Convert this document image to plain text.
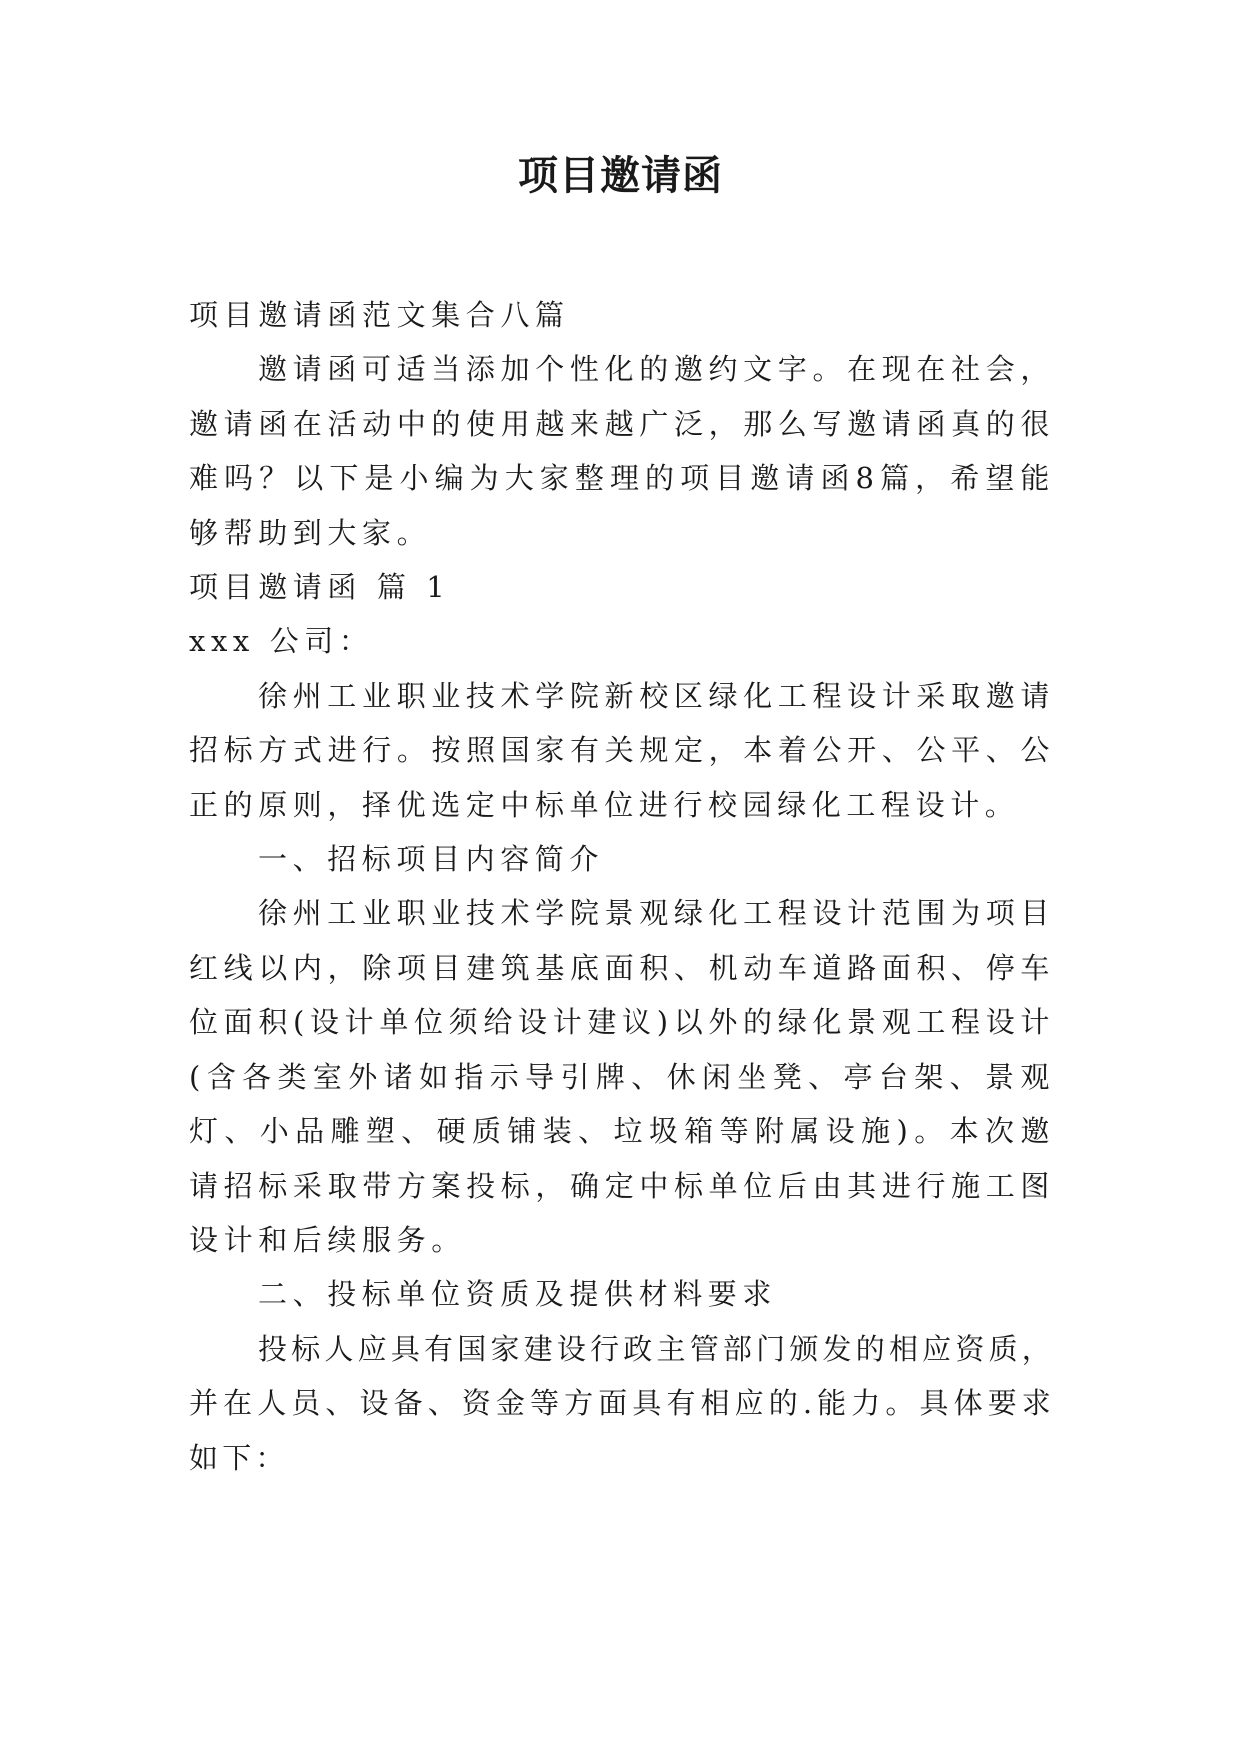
项目邀请函

项目邀请函范文集合八篇

邀请函可适当添加个性化的邀约文字。在现在社会，邀请函在活动中的使用越来越广泛，那么写邀请函真的很难吗？以下是小编为大家整理的项目邀请函8篇，希望能够帮助到大家。

项目邀请函 篇 1

xxx 公司：

徐州工业职业技术学院新校区绿化工程设计采取邀请招标方式进行。按照国家有关规定，本着公开、公平、公正的原则，择优选定中标单位进行校园绿化工程设计。

一、招标项目内容简介

徐州工业职业技术学院景观绿化工程设计范围为项目红线以内，除项目建筑基底面积、机动车道路面积、停车位面积(设计单位须给设计建议)以外的绿化景观工程设计(含各类室外诸如指示导引牌、休闲坐凳、亭台架、景观灯、小品雕塑、硬质铺装、垃圾箱等附属设施)。本次邀请招标采取带方案投标，确定中标单位后由其进行施工图设计和后续服务。

二、投标单位资质及提供材料要求

投标人应具有国家建设行政主管部门颁发的相应资质，并在人员、设备、资金等方面具有相应的.能力。具体要求如下：
